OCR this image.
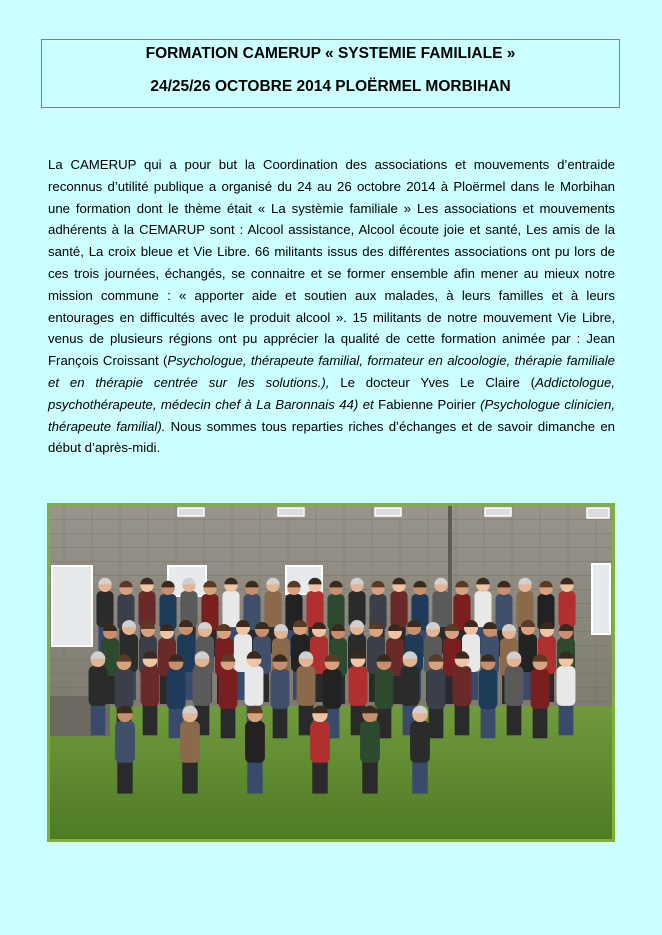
FORMATION CAMERUP « SYSTEMIE FAMILIALE »

24/25/26 OCTOBRE 2014 PLOËRMEL MORBIHAN

La CAMERUP qui a pour but la Coordination des associations et mouvements d’entraide reconnus d’utilité publique a organisé du 24 au 26 octobre 2014 à Ploërmel dans le Morbihan une formation dont le thème était « La systèmie familiale » Les associations et mouvements adhérents à la CEMARUP sont : Alcool assistance, Alcool écoute joie et santé, Les amis de la santé, La croix bleue et Vie Libre. 66 militants issus des différentes associations ont pu lors de ces trois journées, échangés, se connaitre et se former ensemble afin mener au mieux notre mission commune : « apporter aide et soutien aux malades, à leurs familles et à leurs entourages en difficultés avec le produit alcool ». 15 militants de notre mouvement Vie Libre, venus de plusieurs régions ont pu apprécier la qualité de cette formation animée par : Jean François Croissant (Psychologue, thérapeute familial, formateur en alcoologie, thérapie familiale et en thérapie centrée sur les solutions.), Le docteur Yves Le Claire (Addictologue, psychothérapeute, médecin chef à La Baronnais 44) et Fabienne Poirier (Psychologue clinicien, thérapeute familial). Nous sommes tous reparties riches d’échanges et de savoir dimanche en début d’après-midi.
